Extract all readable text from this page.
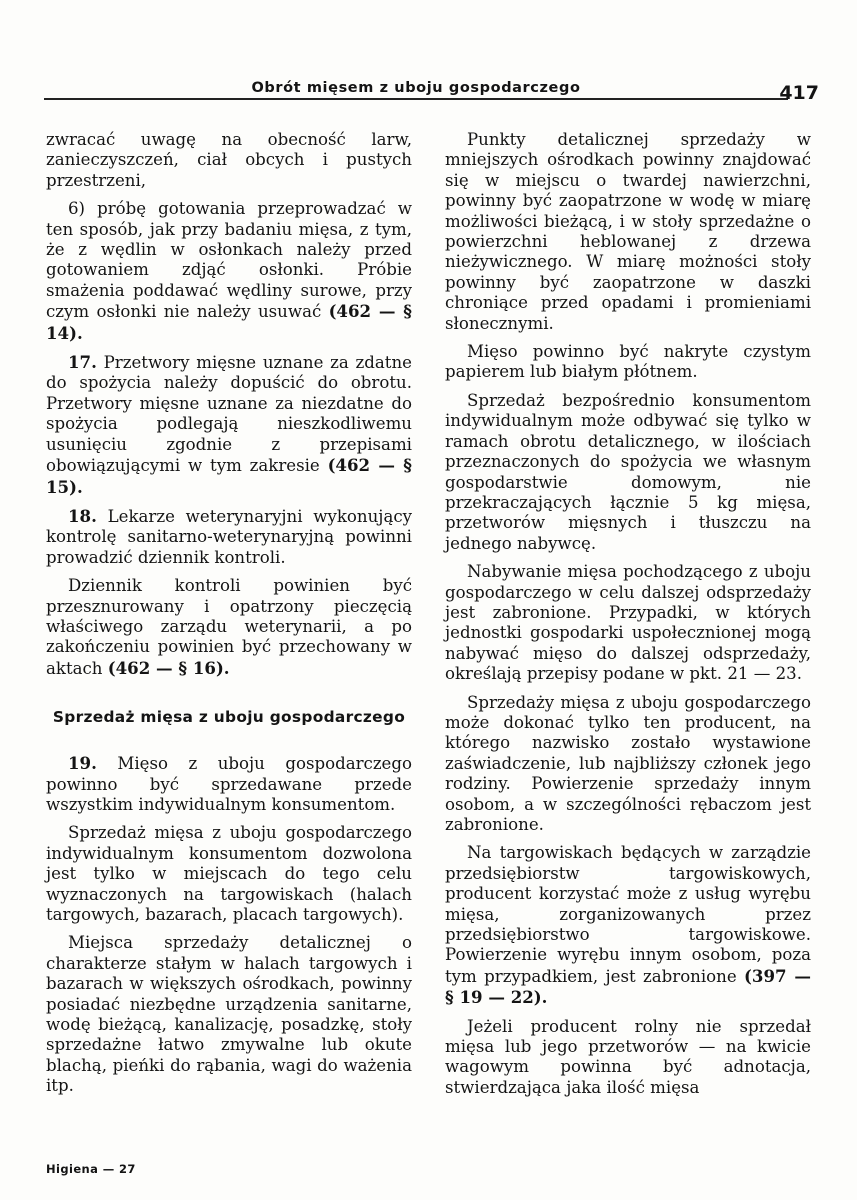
Obrót mięsem z uboju gospodarczego	417

zwracać uwagę na obecność larw, zanieczyszczeń, ciał obcych i pustych przestrzeni,

6) próbę gotowania przeprowadzać w ten sposób, jak przy badaniu mięsa, z tym, że z wędlin w osłonkach należy przed gotowaniem zdjąć osłonki. Próbie smażenia poddawać wędliny surowe, przy czym osłonki nie należy usuwać (462 — § 14).

17. Przetwory mięsne uznane za zdatne do spożycia należy dopuścić do obrotu. Przetwory mięsne uznane za niezdatne do spożycia podlegają nieszkodliwemu usunięciu zgodnie z przepisami obowiązującymi w tym zakresie (462 — § 15).

18. Lekarze weterynaryjni wykonujący kontrolę sanitarno-weterynaryjną powinni prowadzić dziennik kontroli.

Dziennik kontroli powinien być przesznurowany i opatrzony pieczęcią właściwego zarządu weterynarii, a po zakończeniu powinien być przechowany w aktach (462 — § 16).

Sprzedaż mięsa z uboju gospodarczego

19. Mięso z uboju gospodarczego powinno być sprzedawane przede wszystkim indywidualnym konsumentom.

Sprzedaż mięsa z uboju gospodarczego indywidualnym konsumentom dozwolona jest tylko w miejscach do tego celu wyznaczonych na targowiskach (halach targowych, bazarach, placach targowych).

Miejsca sprzedaży detalicznej o charakterze stałym w halach targowych i bazarach w większych ośrodkach, powinny posiadać niezbędne urządzenia sanitarne, wodę bieżącą, kanalizację, posadzkę, stoły sprzedażne łatwo zmywalne lub okute blachą, pieńki do rąbania, wagi do ważenia itp.

Punkty detalicznej sprzedaży w mniejszych ośrodkach powinny znajdować się w miejscu o twardej nawierzchni, powinny być zaopatrzone w wodę w miarę możliwości bieżącą, i w stoły sprzedażne o powierzchni heblowanej z drzewa nieżywicznego. W miarę możności stoły powinny być zaopatrzone w daszki chroniące przed opadami i promieniami słonecznymi.

Mięso powinno być nakryte czystym papierem lub białym płótnem.

Sprzedaż bezpośrednio konsumentom indywidualnym może odbywać się tylko w ramach obrotu detalicznego, w ilościach przeznaczonych do spożycia we własnym gospodarstwie domowym, nie przekraczających łącznie 5 kg mięsa, przetworów mięsnych i tłuszczu na jednego nabywcę.

Nabywanie mięsa pochodzącego z uboju gospodarczego w celu dalszej odsprzedaży jest zabronione. Przypadki, w których jednostki gospodarki uspołecznionej mogą nabywać mięso do dalszej odsprzedaży, określają przepisy podane w pkt. 21 — 23.

Sprzedaży mięsa z uboju gospodarczego może dokonać tylko ten producent, na którego nazwisko zostało wystawione zaświadczenie, lub najbliższy członek jego rodziny. Powierzenie sprzedaży innym osobom, a w szczególności rębaczom jest zabronione.

Na targowiskach będących w zarządzie przedsiębiorstw targowiskowych, producent korzystać może z usług wyrębu mięsa, zorganizowanych przez przedsiębiorstwo targowiskowe. Powierzenie wyrębu innym osobom, poza tym przypadkiem, jest zabronione (397 — § 19 — 22).

Jeżeli producent rolny nie sprzedał mięsa lub jego przetworów — na kwicie wagowym powinna być adnotacja, stwierdzająca jaka ilość mięsa

Higiena — 27
